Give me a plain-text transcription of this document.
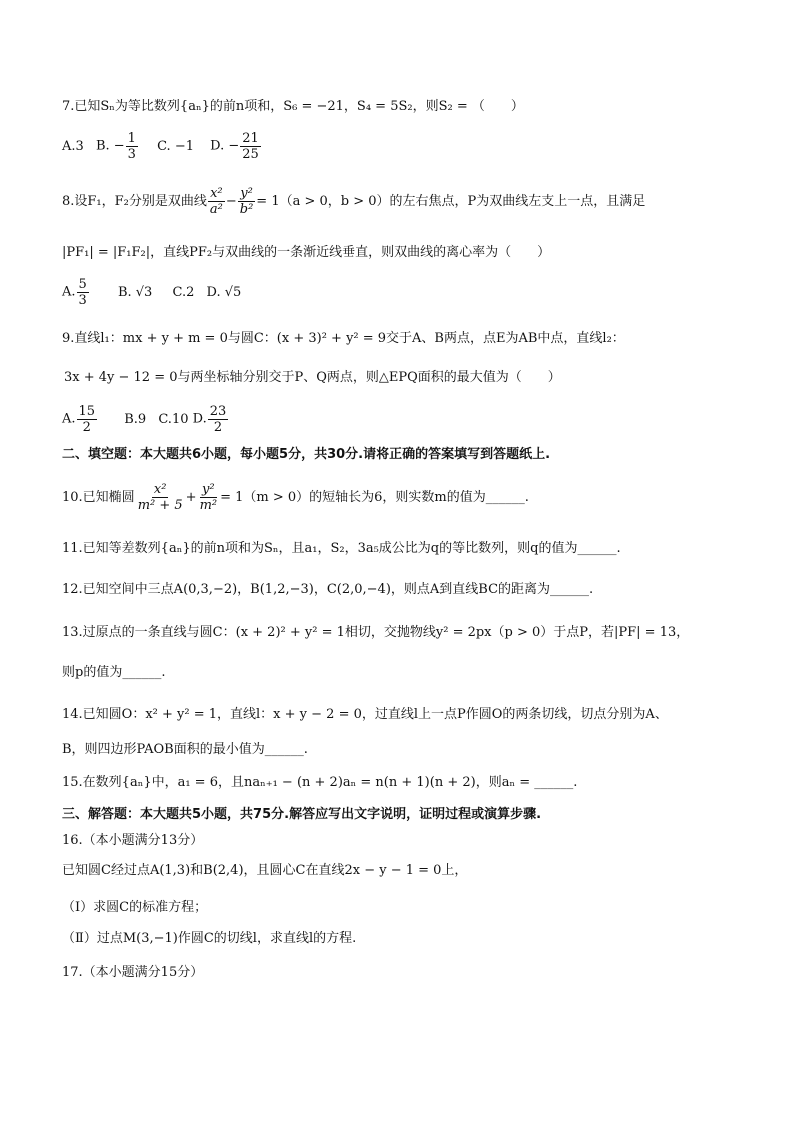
7.已知Sₙ为等比数列{aₙ}的前n项和，S₆ = −21，S₄ = 5S₂，则S₂ = （　　）
A.3 B. − $\frac{1}{3} C$. −1 D. − $\frac{21}{25}$
8.设F₁，F₂分别是双曲线 $\frac{\text{x²}}{\text{a²}} - \frac{\text{y²}}{\text{b²}} = 1(a > 0$，b > 0）的左右焦点，P为双曲线左支上一点，且满足
|PF₁| = |F₁F₂|，直线PF₂与双曲线的一条渐近线垂直，则双曲线的离心率为（　　）
A. $\frac{5}{3} B$. √3 C.2 D. √5
9.直线l₁：mx + y + m = 0与圆C：(x + 3)² + y² = 9交于A、B两点，点E为AB中点，直线l₂：
3x + 4y − 12 = 0与两坐标轴分别交于P、Q两点，则△EPQ面积的最大值为（　　）
A. $\frac{15}{2} B.9$ C.10 D. $\frac{23}{2}$
二、填空题：本大题共6小题，每小题5分，共30分.请将正确的答案填写到答题纸上.
10.已知椭圆 $\frac{\text{x²}}{\text{m² + 5}} + \frac{\text{y²}}{\text{m²}} = 1(m > 0)$的短轴长为6，则实数m的值为______.
11.已知等差数列{aₙ}的前n项和为Sₙ，且a₁，S₂，3a₅成公比为q的等比数列，则q的值为______.
12.已知空间中三点A(0,3,−2)，B(1,2,−3)，C(2,0,−4)，则点A到直线BC的距离为______.
13.过原点的一条直线与圆C：(x + 2)² + y² = 1相切，交抛物线y² = 2px（p > 0）于点P，若|PF| = 13，
则p的值为______.
14.已知圆O：x² + y² = 1，直线l：x + y − 2 = 0，过直线l上一点P作圆O的两条切线，切点分别为A、
B，则四边形PAOB面积的最小值为______.
15.在数列{aₙ}中，a₁ = 6，且naₙ₊₁ − (n + 2)aₙ = n(n + 1)(n + 2)，则aₙ = ______.
三、解答题：本大题共5小题，共75分.解答应写出文字说明，证明过程或演算步骤.
16.（本小题满分13分）
已知圆C经过点A(1,3)和B(2,4)，且圆心C在直线2x − y − 1 = 0上，
（Ⅰ）求圆C的标准方程；
（Ⅱ）过点M(3,−1)作圆C的切线l，求直线l的方程.
17.（本小题满分15分）
